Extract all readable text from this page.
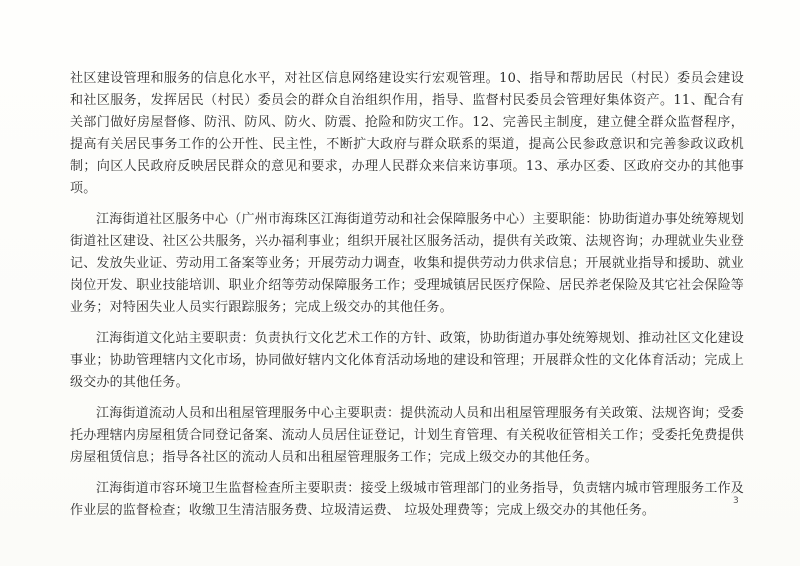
社区建设管理和服务的信息化水平，对社区信息网络建设实行宏观管理。10、指导和帮助居民（村民）委员会建设和社区服务，发挥居民（村民）委员会的群众自治组织作用，指导、监督村民委员会管理好集体资产。11、配合有关部门做好房屋督修、防汛、防风、防火、防震、抢险和防灾工作。12、完善民主制度，建立健全群众监督程序，提高有关居民事务工作的公开性、民主性，不断扩大政府与群众联系的渠道，提高公民参政意识和完善参政议政机制；向区人民政府反映居民群众的意见和要求，办理人民群众来信来访事项。13、承办区委、区政府交办的其他事项。

江海街道社区服务中心（广州市海珠区江海街道劳动和社会保障服务中心）主要职能：协助街道办事处统筹规划街道社区建设、社区公共服务，兴办福利事业；组织开展社区服务活动，提供有关政策、法规咨询；办理就业失业登记、发放失业证、劳动用工备案等业务；开展劳动力调查，收集和提供劳动力供求信息；开展就业指导和援助、就业岗位开发、职业技能培训、职业介绍等劳动保障服务工作；受理城镇居民医疗保险、居民养老保险及其它社会保险等业务；对特困失业人员实行跟踪服务；完成上级交办的其他任务。

江海街道文化站主要职责：负责执行文化艺术工作的方针、政策，协助街道办事处统筹规划、推动社区文化建设事业；协助管理辖内文化市场，协同做好辖内文化体育活动场地的建设和管理；开展群众性的文化体育活动；完成上级交办的其他任务。

江海街道流动人员和出租屋管理服务中心主要职责：提供流动人员和出租屋管理服务有关政策、法规咨询；受委托办理辖内房屋租赁合同登记备案、流动人员居住证登记，计划生育管理、有关税收征管相关工作；受委托免费提供房屋租赁信息；指导各社区的流动人员和出租屋管理服务工作；完成上级交办的其他任务。

江海街道市容环境卫生监督检查所主要职责：接受上级城市管理部门的业务指导，负责辖内城市管理服务工作及作业层的监督检查；收缴卫生清洁服务费、垃圾清运费、 垃圾处理费等；完成上级交办的其他任务。

3
